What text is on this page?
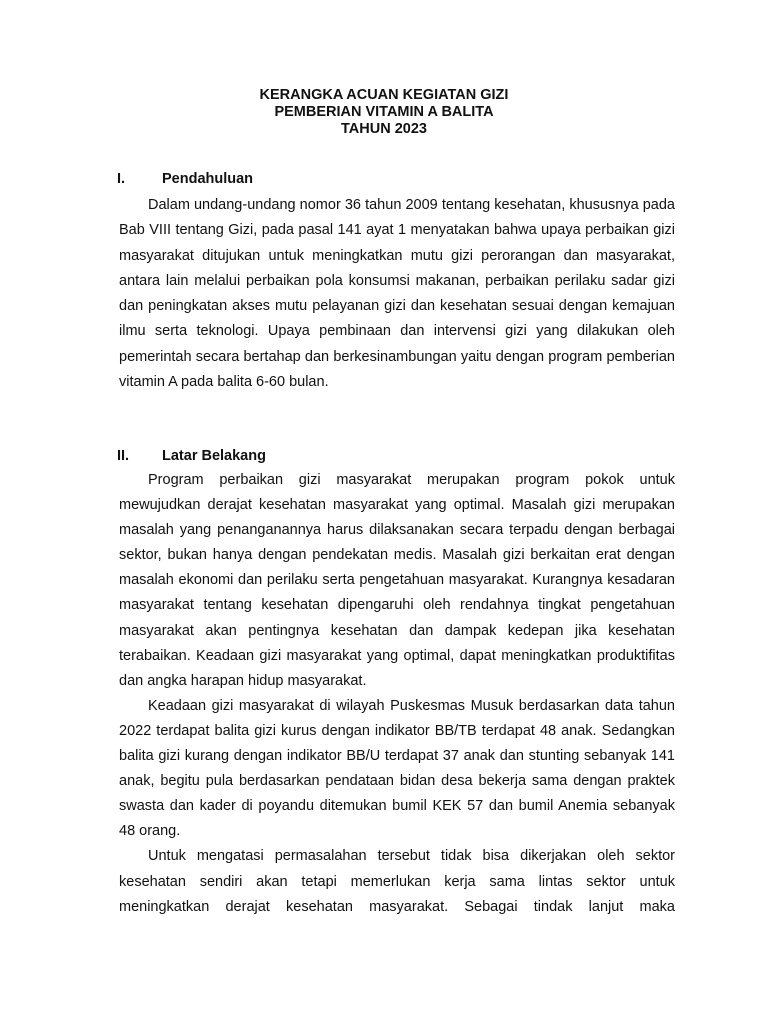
KERANGKA ACUAN KEGIATAN GIZI
PEMBERIAN VITAMIN A BALITA
TAHUN 2023
I.	Pendahuluan

Dalam undang-undang nomor 36 tahun 2009 tentang kesehatan, khususnya pada Bab VIII tentang Gizi, pada pasal 141 ayat 1 menyatakan bahwa upaya perbaikan gizi masyarakat ditujukan untuk meningkatkan mutu gizi perorangan dan masyarakat, antara lain melalui perbaikan pola konsumsi makanan, perbaikan perilaku sadar gizi dan peningkatan akses mutu pelayanan gizi dan kesehatan sesuai dengan kemajuan ilmu serta teknologi. Upaya pembinaan dan intervensi gizi yang dilakukan oleh pemerintah secara bertahap dan berkesinambungan yaitu dengan program pemberian vitamin A pada balita 6-60 bulan.

II. Latar Belakang

Program perbaikan gizi masyarakat merupakan program pokok untuk mewujudkan derajat kesehatan masyarakat yang optimal. Masalah gizi merupakan masalah yang penanganannya harus dilaksanakan secara terpadu dengan berbagai sektor, bukan hanya dengan pendekatan medis. Masalah gizi berkaitan erat dengan masalah ekonomi dan perilaku serta pengetahuan masyarakat. Kurangnya kesadaran masyarakat tentang kesehatan dipengaruhi oleh rendahnya tingkat pengetahuan masyarakat akan pentingnya kesehatan dan dampak kedepan jika kesehatan terabaikan. Keadaan gizi masyarakat yang optimal, dapat meningkatkan produktifitas dan angka harapan hidup masyarakat.

Keadaan gizi masyarakat di wilayah Puskesmas Musuk berdasarkan data tahun 2022 terdapat balita gizi kurus dengan indikator BB/TB terdapat 48 anak. Sedangkan balita gizi kurang dengan indikator BB/U terdapat 37 anak dan stunting sebanyak 141 anak, begitu pula berdasarkan pendataan bidan desa bekerja sama dengan praktek swasta dan kader di poyandu ditemukan bumil KEK 57 dan bumil Anemia sebanyak 48 orang.

Untuk mengatasi permasalahan tersebut tidak bisa dikerjakan oleh sektor kesehatan sendiri akan tetapi memerlukan kerja sama lintas sektor untuk meningkatkan derajat kesehatan masyarakat. Sebagai tindak lanjut maka
